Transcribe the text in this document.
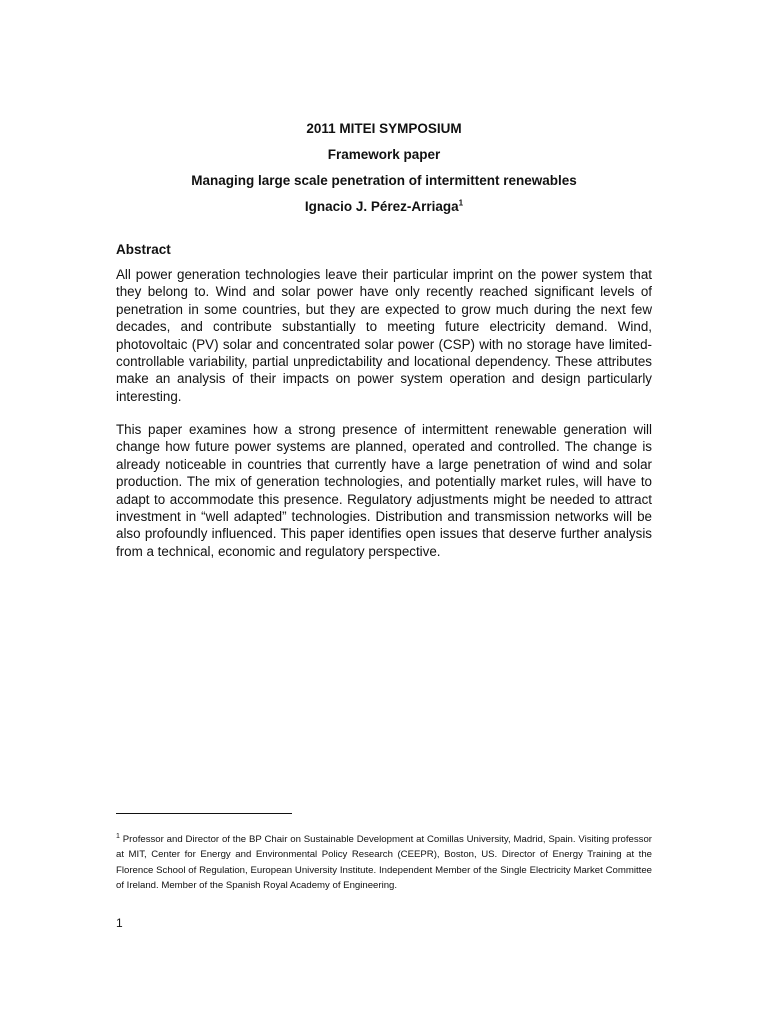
2011 MITEI SYMPOSIUM
Framework paper
Managing large scale penetration of intermittent renewables
Ignacio J. Pérez-Arriaga$^1$
Abstract

All power generation technologies leave their particular imprint on the power system that they belong to. Wind and solar power have only recently reached significant levels of penetration in some countries, but they are expected to grow much during the next few decades, and contribute substantially to meeting future electricity demand. Wind, photovoltaic (PV) solar and concentrated solar power (CSP) with no storage have limited-controllable variability, partial unpredictability and locational dependency. These attributes make an analysis of their impacts on power system operation and design particularly interesting.

This paper examines how a strong presence of intermittent renewable generation will change how future power systems are planned, operated and controlled. The change is already noticeable in countries that currently have a large penetration of wind and solar production. The mix of generation technologies, and potentially market rules, will have to adapt to accommodate this presence. Regulatory adjustments might be needed to attract investment in “well adapted” technologies. Distribution and transmission networks will be also profoundly influenced. This paper identifies open issues that deserve further analysis from a technical, economic and regulatory perspective.

$^1$ Professor and Director of the BP Chair on Sustainable Development at Comillas University, Madrid, Spain. Visiting professor at MIT, Center for Energy and Environmental Policy Research (CEEPR), Boston, US. Director of Energy Training at the Florence School of Regulation, European University Institute. Independent Member of the Single Electricity Market Committee of Ireland. Member of the Spanish Royal Academy of Engineering.
1
